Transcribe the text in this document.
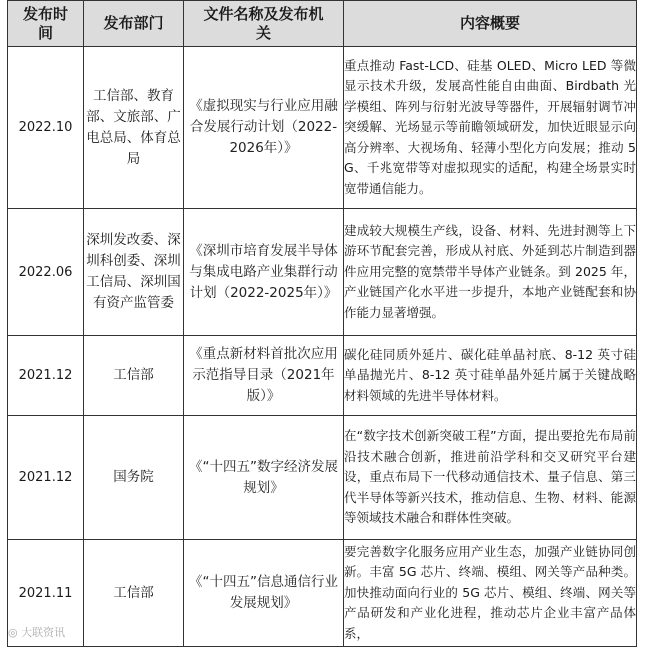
发布时间	发布部门	文件名称及发布机关	内容概要
2022.10	工信部、教育部、文旅部、广电总局、体育总局	《虚拟现实与行业应用融合发展行动计划（2022-2026年）》	重点推动 Fast-LCD、硅基 OLED、Micro LED 等微显示技术升级，发展高性能自由曲面、Birdbath 光学模组、阵列与衍射光波导等器件，开展辐射调节冲突缓解、光场显示等前瞻领域研发，加快近眼显示向高分辨率、大视场角、轻薄小型化方向发展；推动 5G、千兆宽带等对虚拟现实的适配，构建全场景实时宽带通信能力。
2022.06	深圳发改委、深圳科创委、深圳工信局、深圳国有资产监管委	《深圳市培育发展半导体与集成电路产业集群行动计划（2022-2025年）》	建成较大规模生产线，设备、材料、先进封测等上下游环节配套完善，形成从衬底、外延到芯片制造到器件应用完整的宽禁带半导体产业链条。到 2025 年，产业链国产化水平进一步提升，本地产业链配套和协作能力显著增强。
2021.12	工信部	《重点新材料首批次应用示范指导目录（2021年版）》	碳化硅同质外延片、碳化硅单晶衬底、8-12 英寸硅单晶抛光片、8-12 英寸硅单晶外延片属于关键战略材料领域的先进半导体材料。
2021.12	国务院	《“十四五”数字经济发展规划》	在“数字技术创新突破工程”方面，提出要抢先布局前沿技术融合创新，推进前沿学科和交叉研究平台建设，重点布局下一代移动通信技术、量子信息、第三代半导体等新兴技术，推动信息、生物、材料、能源等领域技术融合和群体性突破。
2021.11	工信部	《“十四五”信息通信行业发展规划》	要完善数字化服务应用产业生态，加强产业链协同创新。丰富 5G 芯片、终端、模组、网关等产品种类。加快推动面向行业的 5G 芯片、模组、终端、网关等产品研发和产业化进程，推动芯片企业丰富产品体系，
◎ 大联资讯
